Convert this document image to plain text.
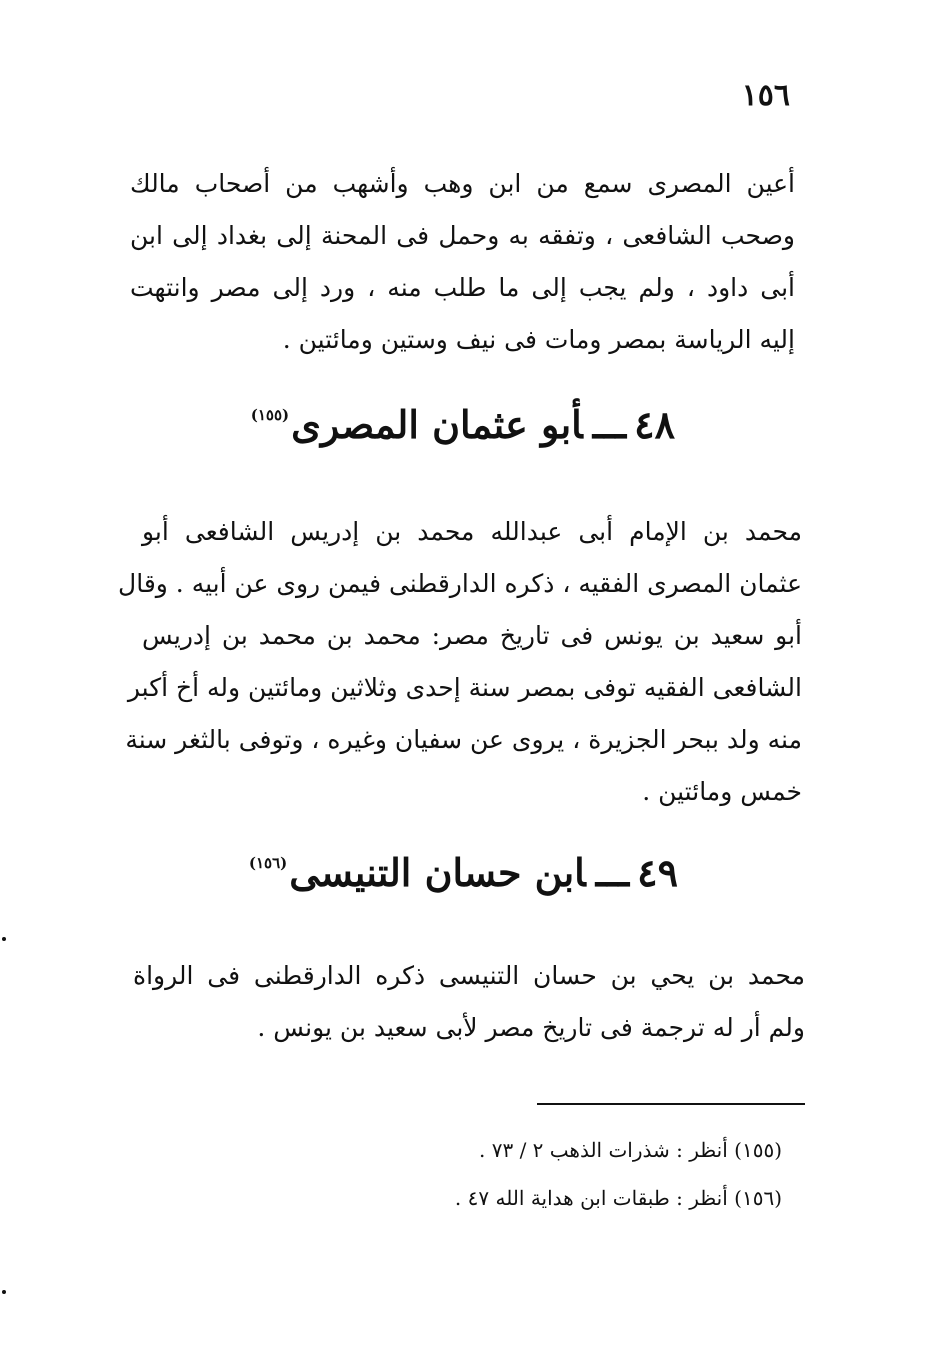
١٥٦
أعين المصرى سمع من ابن وهب وأشهب من أصحاب مالك
وصحب الشافعى ، وتفقه به وحمل فى المحنة إلى بغداد إلى ابن
أبى داود ، ولم يجب إلى ما طلب منه ، ورد إلى مصر وانتهت
إليه الرياسة بمصر ومات فى نيف وستين ومائتين .
٤٨ـــأبو عثمان المصرى$^{(١٥٥)}$
محمد بن الإمام أبى عبدالله محمد بن إدريس الشافعى أبو
عثمان المصرى الفقيه ، ذكره الدارقطنى فيمن روى عن أبيه . وقال
أبو سعيد بن يونس فى تاريخ مصر: محمد بن محمد بن إدريس
الشافعى الفقيه توفى بمصر سنة إحدى وثلاثين ومائتين وله أخ أكبر
منه ولد ببحر الجزيرة ، يروى عن سفيان وغيره ، وتوفى بالثغر سنة
خمس ومائتين .
٤٩ـــابن حسان التنيسى$^{(١٥٦)}$
محمد بن يحي بن حسان التنيسى ذكره الدارقطنى فى الرواة
ولم أر له ترجمة فى تاريخ مصر لأبى سعيد بن يونس .
(١٥٥) أنظر : شذرات الذهب ٢ / ٧٣ .
(١٥٦) أنظر : طبقات ابن هداية الله ٤٧ .
